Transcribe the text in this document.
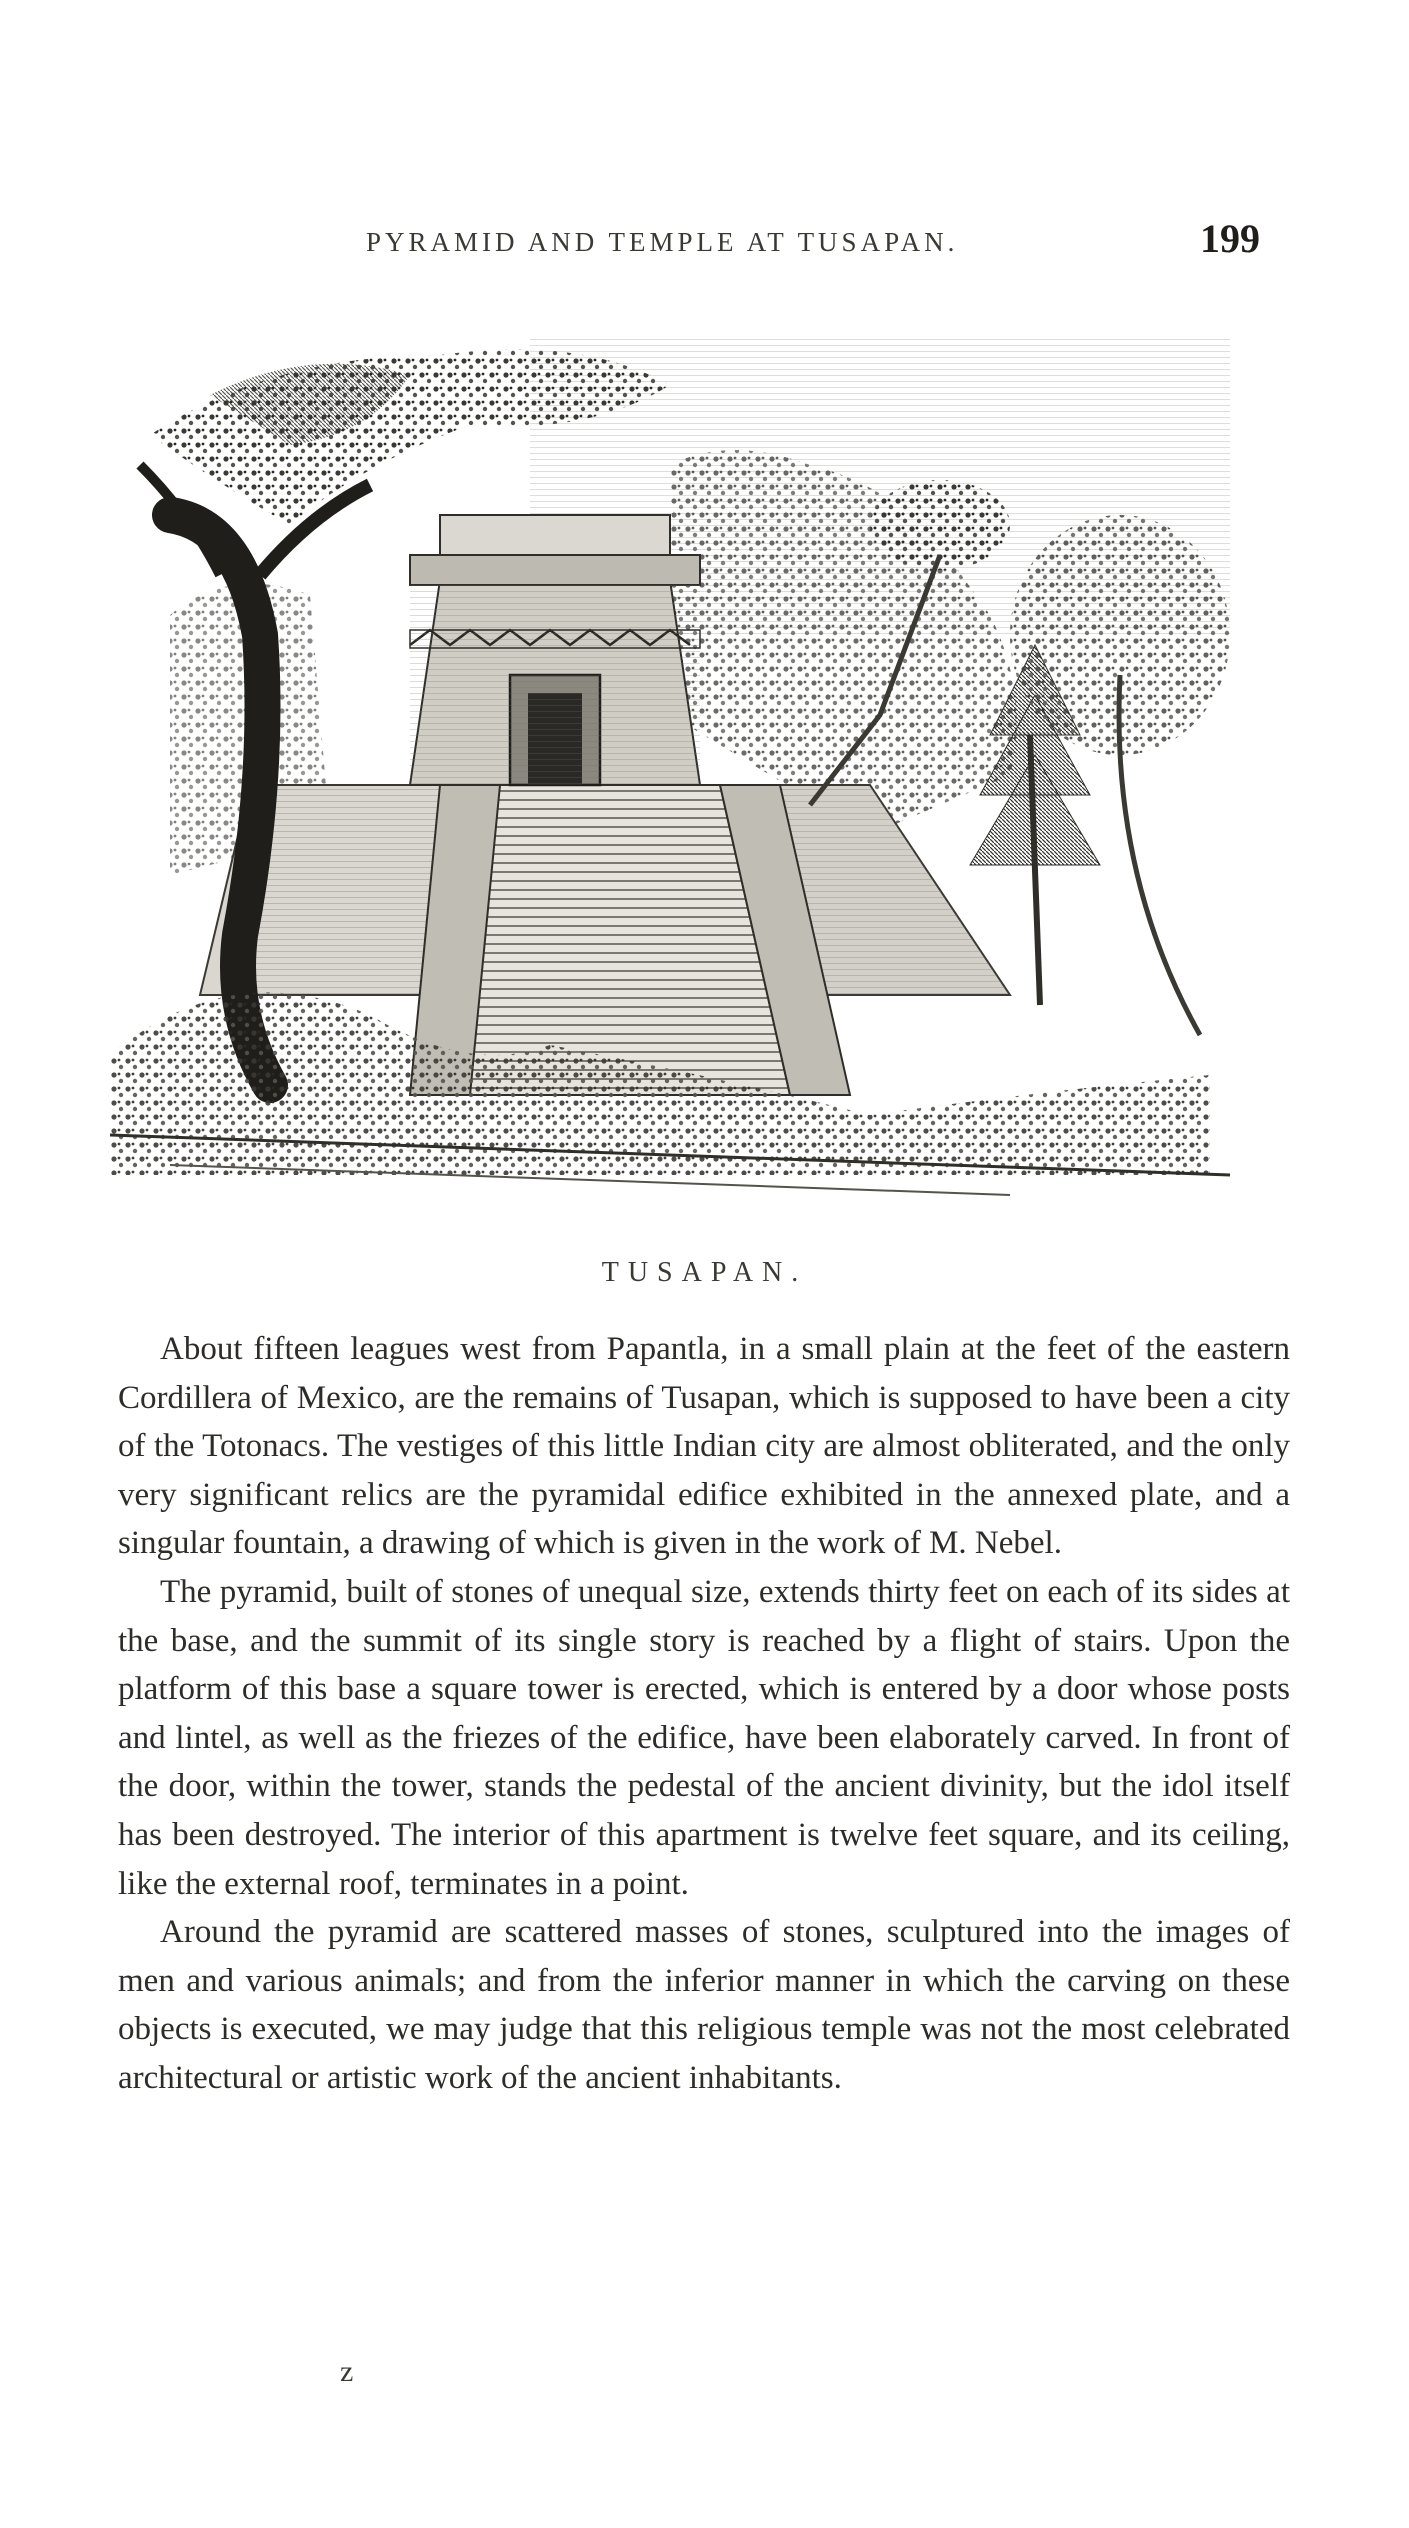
PYRAMID AND TEMPLE AT TUSAPAN.	199
TUSAPAN.

About fifteen leagues west from Papantla, in a small plain at the feet of the eastern Cordillera of Mexico, are the remains of Tusapan, which is supposed to have been a city of the Totonacs. The vestiges of this little Indian city are almost obliterated, and the only very significant relics are the pyramidal edifice exhibited in the annexed plate, and a singular fountain, a drawing of which is given in the work of M. Nebel.

The pyramid, built of stones of unequal size, extends thirty feet on each of its sides at the base, and the summit of its single story is reached by a flight of stairs. Upon the platform of this base a square tower is erected, which is entered by a door whose posts and lintel, as well as the friezes of the edifice, have been elaborately carved. In front of the door, within the tower, stands the pedestal of the ancient divinity, but the idol itself has been destroyed. The interior of this apartment is twelve feet square, and its ceiling, like the external roof, terminates in a point.

Around the pyramid are scattered masses of stones, sculptured into the images of men and various animals; and from the inferior manner in which the carving on these objects is executed, we may judge that this religious temple was not the most celebrated architectural or artistic work of the ancient inhabitants.

z
